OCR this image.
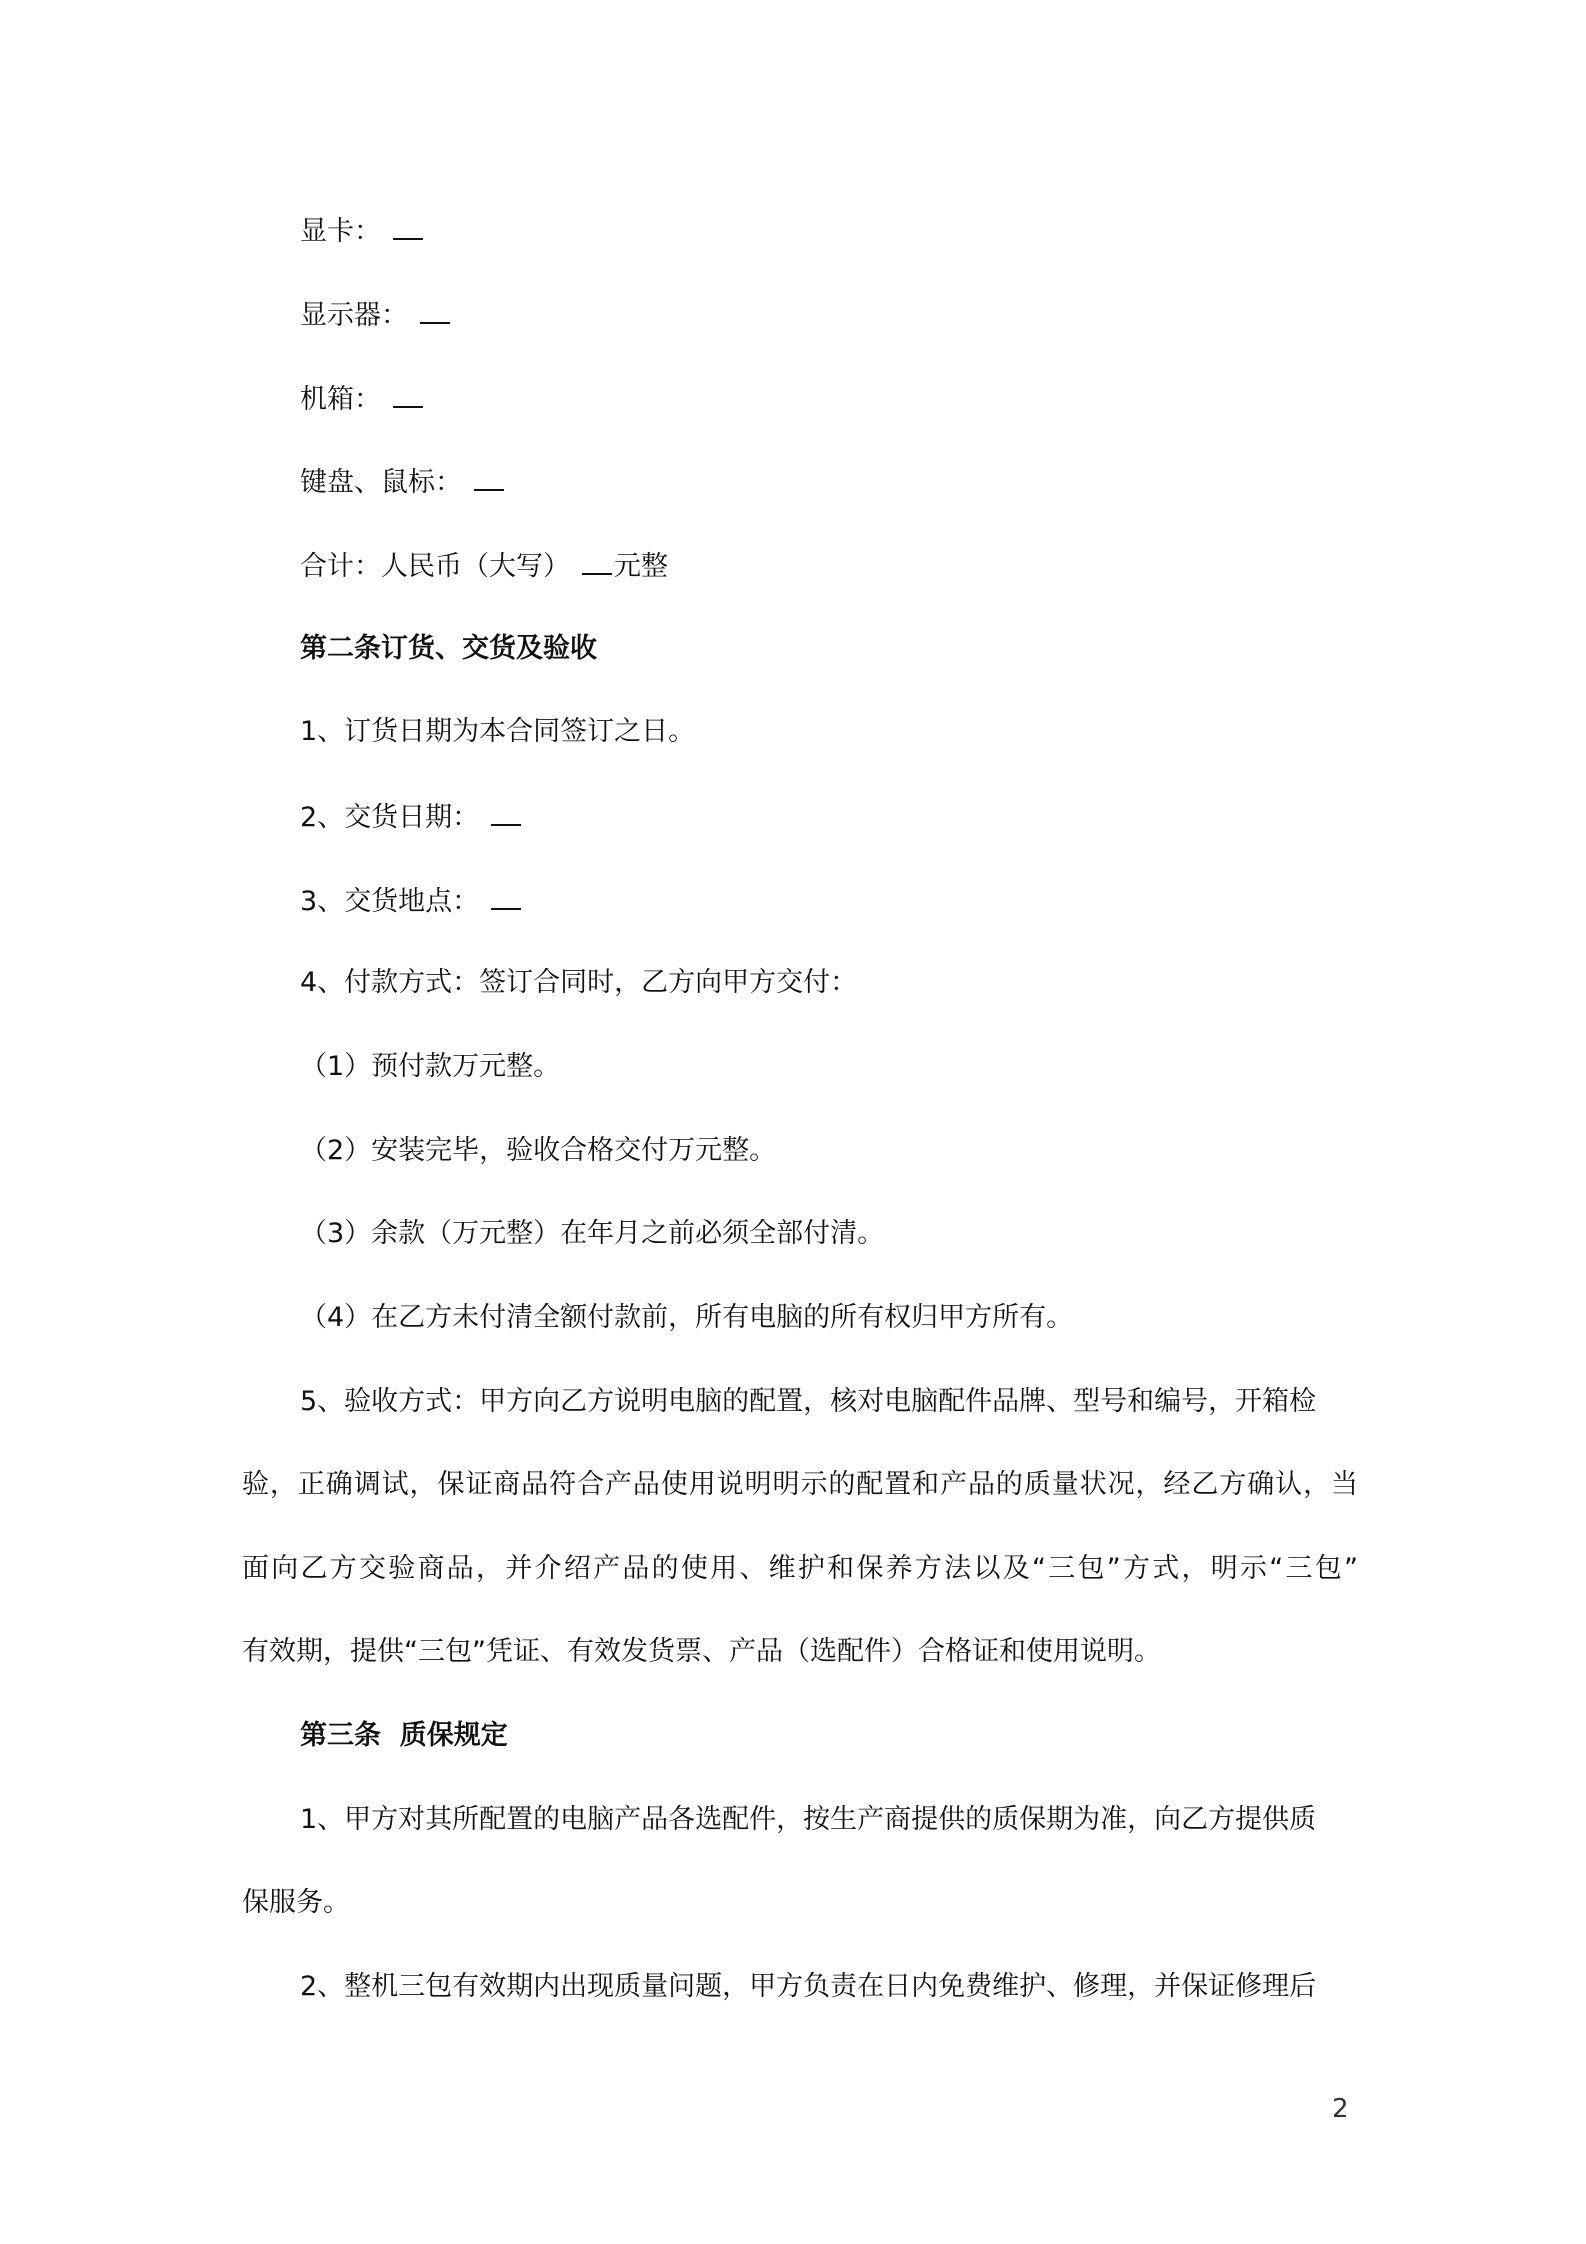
显卡：
显示器：
机箱：
键盘、鼠标：
合计：人民币（大写） 元整
第二条订货、交货及验收
1、订货日期为本合同签订之日。
2、交货日期：
3、交货地点：
4、付款方式：签订合同时，乙方向甲方交付：
（1）预付款万元整。
（2）安装完毕，验收合格交付万元整。
（3）余款（万元整）在年月之前必须全部付清。
（4）在乙方未付清全额付款前，所有电脑的所有权归甲方所有。
5、验收方式：甲方向乙方说明电脑的配置，核对电脑配件品牌、型号和编号，开箱检
验，正确调试，保证商品符合产品使用说明明示的配置和产品的质量状况，经乙方确认，当
面向乙方交验商品，并介绍产品的使用、维护和保养方法以及“三包”方式，明示“三包”
有效期，提供“三包”凭证、有效发货票、产品（选配件）合格证和使用说明。
第三条  质保规定
1、甲方对其所配置的电脑产品各选配件，按生产商提供的质保期为准，向乙方提供质
保服务。
2、整机三包有效期内出现质量问题，甲方负责在日内免费维护、修理，并保证修理后
2
